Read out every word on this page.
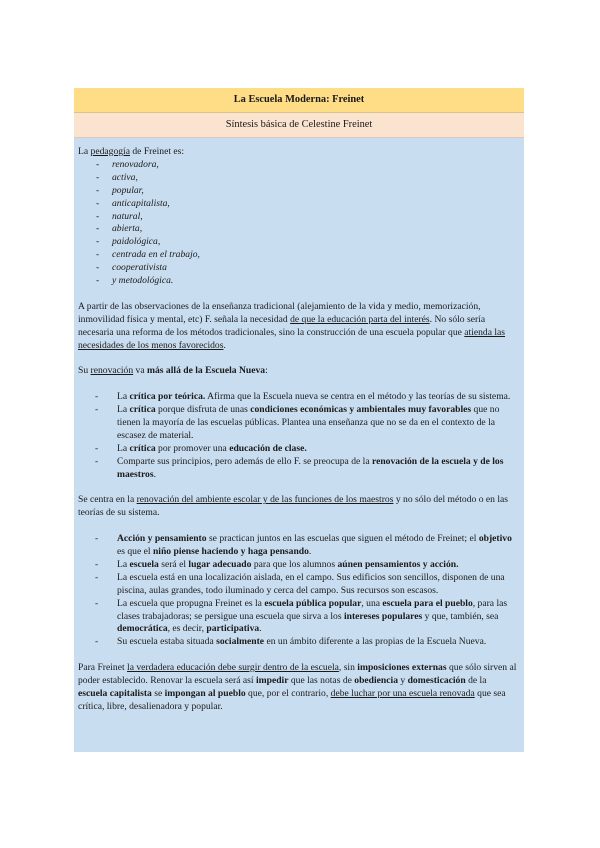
La Escuela Moderna: Freinet
Síntesis básica de Celestine Freinet

La pedagogía de Freinet es:

- renovadora,
- activa,
- popular,
- anticapitalista,
- natural,
- abierta,
- paidológica,
- centrada en el trabajo,
- cooperativista
- y metodológica.

A partir de las observaciones de la enseñanza tradicional (alejamiento de la vida y medio, memorización, inmovilidad física y mental, etc) F. señala la necesidad de que la educación parta del interés. No sólo sería necesaria una reforma de los métodos tradicionales, sino la construcción de una escuela popular que atienda las necesidades de los menos favorecidos.

Su renovación va más allá de la Escuela Nueva:

- La crítica por teórica. Afirma que la Escuela nueva se centra en el método y las teorías de su sistema.
- La crítica porque disfruta de unas condiciones económicas y ambientales muy favorables que no tienen la mayoría de las escuelas públicas. Plantea una enseñanza que no se da en el contexto de la escasez de material.
- La crítica por promover una educación de clase.
- Comparte sus principios, pero además de ello F. se preocupa de la renovación de la escuela y de los maestros.

Se centra en la renovación del ambiente escolar y de las funciones de los maestros y no sólo del método o en las teorías de su sistema.

- Acción y pensamiento se practican juntos en las escuelas que siguen el método de Freinet; el objetivo es que el niño piense haciendo y haga pensando.
- La escuela será el lugar adecuado para que los alumnos aúnen pensamientos y acción.
- La escuela está en una localización aislada, en el campo. Sus edificios son sencillos, disponen de una piscina, aulas grandes, todo iluminado y cerca del campo. Sus recursos son escasos.
- La escuela que propugna Freinet es la escuela pública popular, una escuela para el pueblo, para las clases trabajadoras; se persigue una escuela que sirva a los intereses populares y que, también, sea democrática, es decir, participativa.
- Su escuela estaba situada socialmente en un ámbito diferente a las propias de la Escuela Nueva.

Para Freinet la verdadera educación debe surgir dentro de la escuela, sin imposiciones externas que sólo sirven al poder establecido. Renovar la escuela será así impedir que las notas de obediencia y domesticación de la escuela capitalista se impongan al pueblo que, por el contrario, debe luchar por una escuela renovada que sea crítica, libre, desalienadora y popular.
